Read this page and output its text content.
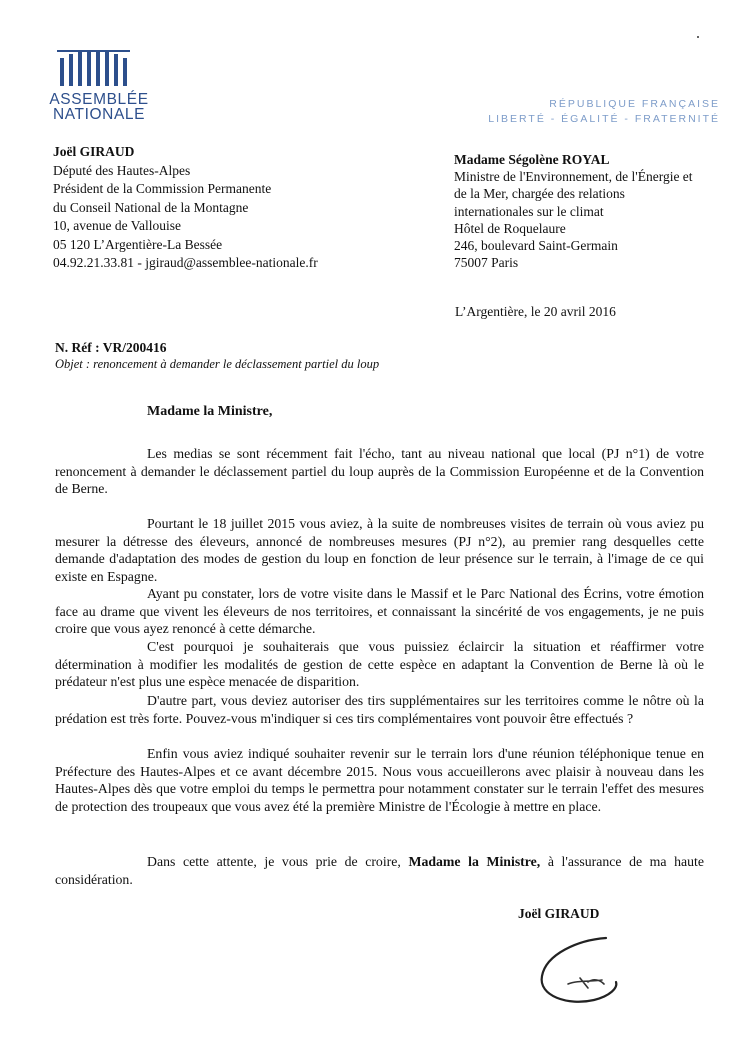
ASSEMBLÉE
NATIONALE
RÉPUBLIQUE FRANÇAISE
LIBERTÉ - ÉGALITÉ - FRATERNITÉ
Joël GIRAUD
Député des Hautes-Alpes
Président de la Commission Permanente
du Conseil National de la Montagne
10, avenue de Vallouise
05 120 L’Argentière-La Bessée
04.92.21.33.81 - jgiraud@assemblee-nationale.fr
Madame Ségolène ROYAL
Ministre de l'Environnement, de l'Énergie et
de la Mer, chargée des relations
internationales sur le climat
Hôtel de Roquelaure
246, boulevard Saint-Germain
75007 Paris
L’Argentière, le 20 avril 2016
N. Réf : VR/200416
Objet : renoncement à demander le déclassement partiel du loup
Madame la Ministre,

Les medias se sont récemment fait l'écho, tant au niveau national que local (PJ n°1) de votre renoncement à demander le déclassement partiel du loup auprès de la Commission Européenne et de la Convention de Berne.

Pourtant le 18 juillet 2015 vous aviez, à la suite de nombreuses visites de terrain où vous aviez pu mesurer la détresse des éleveurs, annoncé de nombreuses mesures (PJ n°2), au premier rang desquelles cette demande d'adaptation des modes de gestion du loup en fonction de leur présence sur le terrain, à l'image de ce qui existe en Espagne.

Ayant pu constater, lors de votre visite dans le Massif et le Parc National des Écrins, votre émotion face au drame que vivent les éleveurs de nos territoires, et connaissant la sincérité de vos engagements, je ne puis croire que vous ayez renoncé à cette démarche.

C'est pourquoi je souhaiterais que vous puissiez éclaircir la situation et réaffirmer votre détermination à modifier les modalités de gestion de cette espèce en adaptant la Convention de Berne là où le prédateur n'est plus une espèce menacée de disparition.

D'autre part, vous deviez autoriser des tirs supplémentaires sur les territoires comme le nôtre où la prédation est très forte. Pouvez-vous m'indiquer si ces tirs complémentaires vont pouvoir être effectués ?

Enfin vous aviez indiqué souhaiter revenir sur le terrain lors d'une réunion téléphonique tenue en Préfecture des Hautes-Alpes et ce avant décembre 2015. Nous vous accueillerons avec plaisir à nouveau dans les Hautes-Alpes dès que votre emploi du temps le permettra pour notamment constater sur le terrain l'effet des mesures de protection des troupeaux que vous avez été la première Ministre de l'Écologie à mettre en place.

Dans cette attente, je vous prie de croire, Madame la Ministre, à l'assurance de ma haute considération.

Joël GIRAUD
